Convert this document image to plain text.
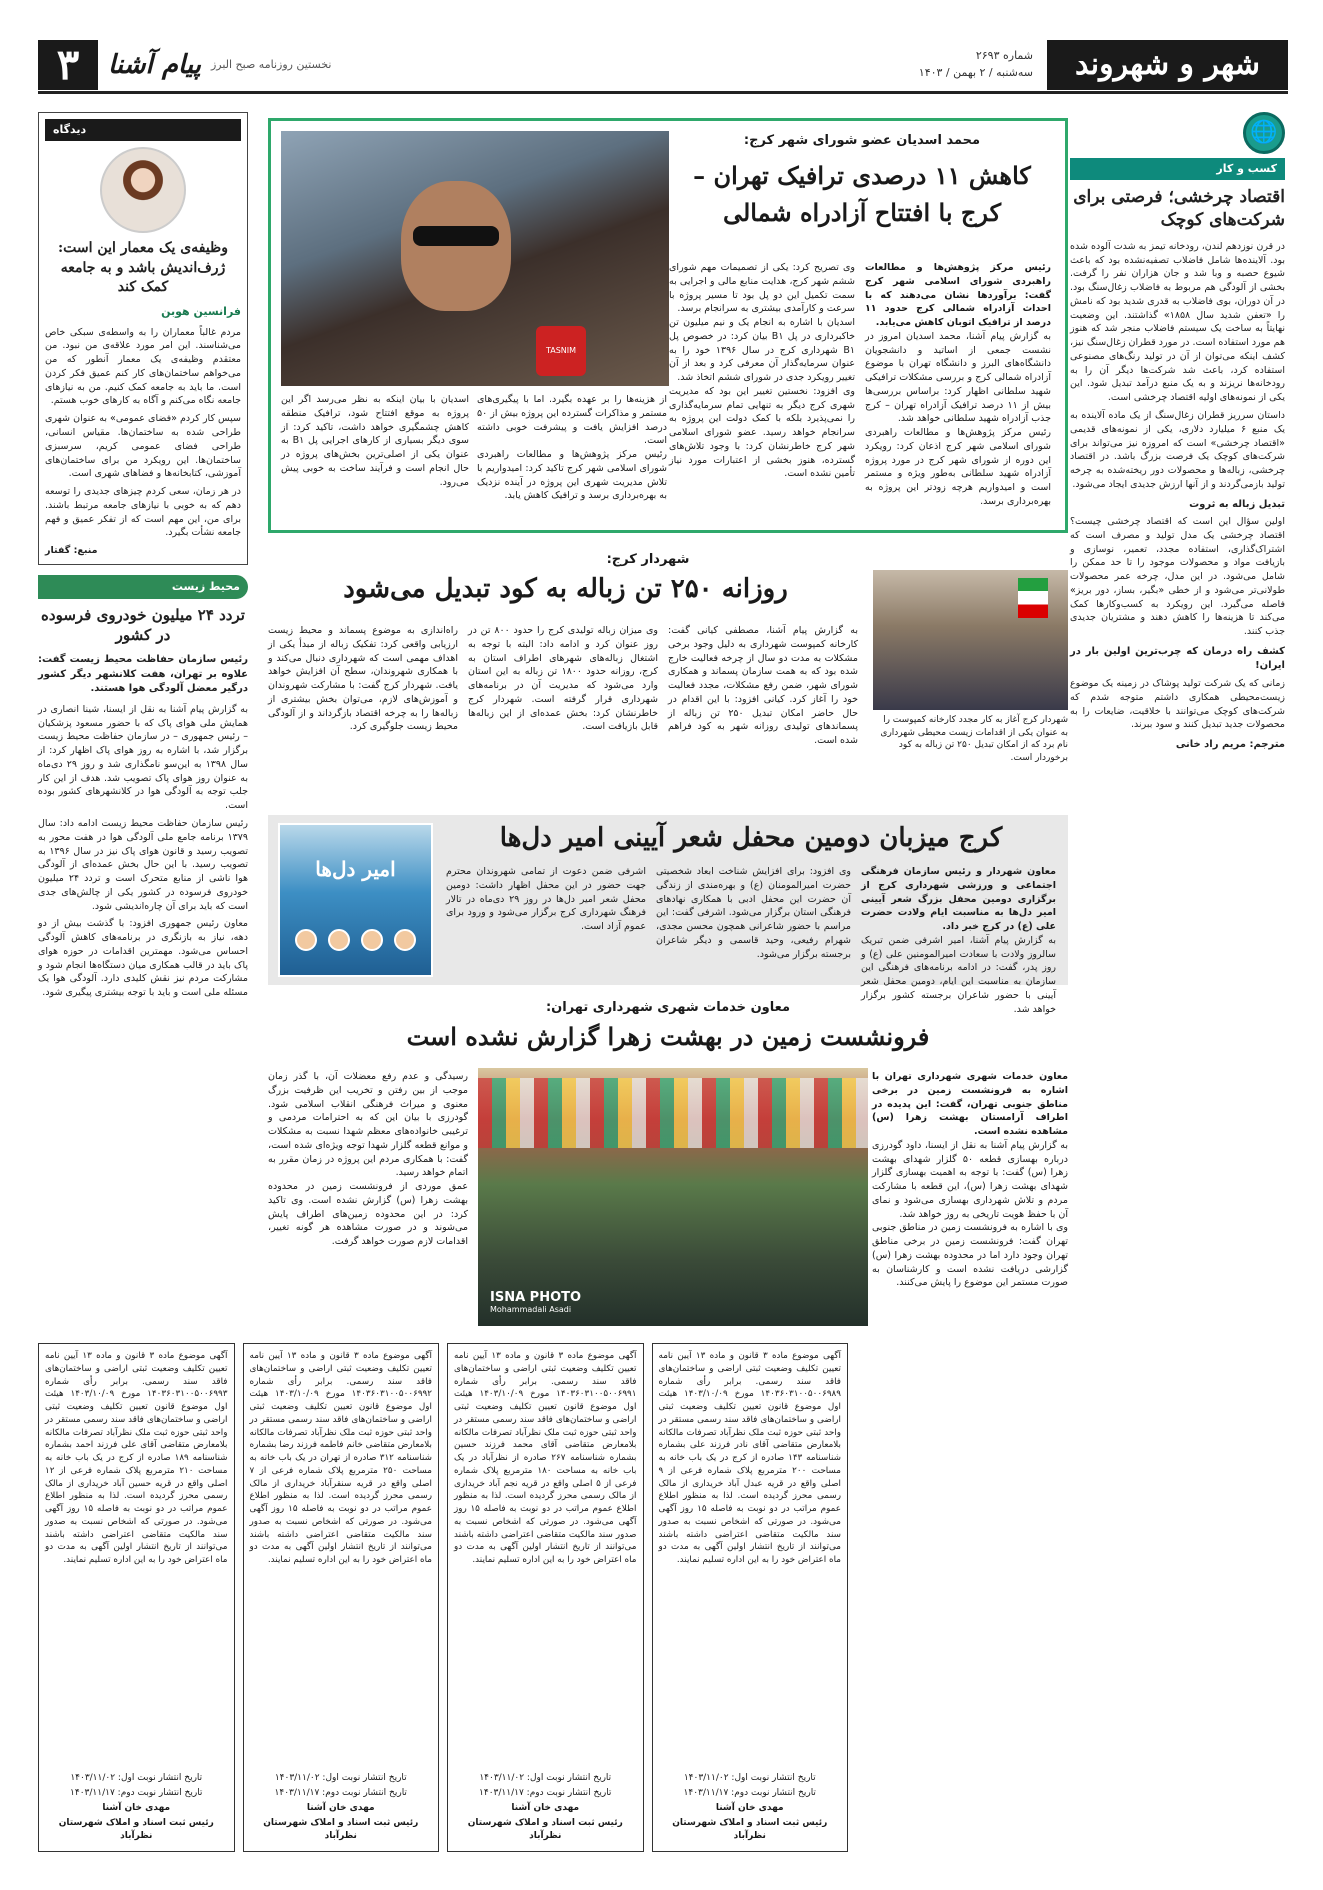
شهر و شهروند
شماره ۲۶۹۳
سه‌شنبه / ۲ بهمن / ۱۴۰۳
نخستین روزنامه صبح البرز
پیام آشنا
۳
🌐
کسب و کار
اقتصاد چرخشی؛ فرصتی برای شرکت‌های کوچک

در قرن نوزدهم لندن، رودخانه تیمز به شدت آلوده شده بود. آلاینده‌ها شامل فاضلاب تصفیه‌نشده بود که باعث شیوع حصبه و وبا شد و جان هزاران نفر را گرفت. بخشی از آلودگی هم مربوط به فاضلاب زغال‌سنگ بود. در آن دوران، بوی فاضلاب به قدری شدید بود که نامش را «تعفن شدید سال ۱۸۵۸» گذاشتند. این وضعیت نهایتاً به ساخت یک سیستم فاضلاب منجر شد که هنوز هم مورد استفاده است. در مورد قطران زغال‌سنگ نیز، کشف اینکه می‌توان از آن در تولید رنگ‌های مصنوعی استفاده کرد، باعث شد شرکت‌ها دیگر آن را به رودخانه‌ها نریزند و به یک منبع درآمد تبدیل شود. این یکی از نمونه‌های اولیه اقتصاد چرخشی است.

داستان سرریز قطران زغال‌سنگ از یک ماده آلاینده به یک منبع ۶ میلیارد دلاری، یکی از نمونه‌های قدیمی «اقتصاد چرخشی» است که امروزه نیز می‌تواند برای شرکت‌های کوچک یک فرصت بزرگ باشد. در اقتصاد چرخشی، زباله‌ها و محصولات دور ریخته‌شده به چرخه تولید بازمی‌گردند و از آنها ارزش جدیدی ایجاد می‌شود.

تبدیل زباله به ثروت

اولین سؤال این است که اقتصاد چرخشی چیست؟ اقتصاد چرخشی یک مدل تولید و مصرف است که اشتراک‌گذاری، استفاده مجدد، تعمیر، نوسازی و بازیافت مواد و محصولات موجود را تا حد ممکن را شامل می‌شود. در این مدل، چرخه عمر محصولات طولانی‌تر می‌شود و از خطی «بگیر، بساز، دور بریز» فاصله می‌گیرد. این رویکرد به کسب‌وکارها کمک می‌کند تا هزینه‌ها را کاهش دهند و مشتریان جدیدی جذب کنند.

کشف راه درمان که چرب‌ترین اولین بار در ایران!

زمانی که یک شرکت تولید پوشاک در زمینه یک موضوع زیست‌محیطی همکاری داشتم متوجه شدم که شرکت‌های کوچک می‌توانند با خلاقیت، ضایعات را به محصولات جدید تبدیل کنند و سود ببرند.

مترجم: مریم راد خانی
دیدگاه
وظیفه‌ی یک معمار این است: ژرف‌اندیش باشد و به جامعه کمک کند
فرانسین هوبن

مردم غالباً معماران را به واسطه‌ی سبکی خاص می‌شناسند. این امر مورد علاقه‌ی من نبود. من معتقدم وظیفه‌ی یک معمار آنطور که من می‌خواهم ساختمان‌های کار کنم عمیق فکر کردن است. ما باید به جامعه کمک کنیم. من به نیازهای جامعه نگاه می‌کنم و آگاه به کارهای خوب هستم.

سپس کار کردم «فضای عمومی» به عنوان شهری طراحی شده به ساختمان‌ها. مقیاس انسانی، طراحی فضای عمومی کریم، سرسبزی ساختمان‌ها. این رویکرد من برای ساختمان‌های آموزشی، کتابخانه‌ها و فضاهای شهری است.

در هر زمان، سعی کردم چیزهای جدیدی را توسعه دهم که به خوبی با نیازهای جامعه مرتبط باشند. برای من، این مهم است که از تفکر عمیق و فهم جامعه نشأت بگیرد.

منبع: گفتار
محیط زیست
تردد ۲۴ میلیون خودروی فرسوده در کشور
رئیس سازمان حفاظت محیط زیست گفت: علاوه بر تهران، هفت کلانشهر دیگر کشور درگیر معضل آلودگی هوا هستند.

به گزارش پیام آشنا به نقل از ایسنا، شینا انصاری در همایش ملی هوای پاک که با حضور مسعود پزشکیان – رئیس جمهوری – در سازمان حفاظت محیط زیست برگزار شد، با اشاره به روز هوای پاک اظهار کرد: از سال ۱۳۹۸ به این‌سو نامگذاری شد و روز ۲۹ دی‌ماه به عنوان روز هوای پاک تصویب شد. هدف از این کار جلب توجه به آلودگی هوا در کلانشهرهای کشور بوده است.

رئیس سازمان حفاظت محیط زیست ادامه داد: سال ۱۳۷۹ برنامه جامع ملی آلودگی هوا در هفت محور به تصویب رسید و قانون هوای پاک نیز در سال ۱۳۹۶ به تصویب رسید. با این حال بخش عمده‌ای از آلودگی هوا ناشی از منابع متحرک است و تردد ۲۴ میلیون خودروی فرسوده در کشور یکی از چالش‌های جدی است که باید برای آن چاره‌اندیشی شود.

معاون رئیس جمهوری افزود: با گذشت بیش از دو دهه، نیاز به بازنگری در برنامه‌های کاهش آلودگی احساس می‌شود. مهمترین اقدامات در حوزه هوای پاک باید در قالب همکاری میان دستگاه‌ها انجام شود و مشارکت مردم نیز نقش کلیدی دارد. آلودگی هوا یک مسئله ملی است و باید با توجه بیشتری پیگیری شود.

TASNIM
محمد اسدیان عضو شورای شهر کرج:
کاهش ۱۱ درصدی ترافیک تهران – کرج با افتتاح آزادراه شمالی

رئیس مرکز پژوهش‌ها و مطالعات راهبردی شورای اسلامی شهر کرج گفت: برآوردها نشان می‌دهند که با احداث آزادراه شمالی کرج حدود ۱۱ درصد از ترافیک اتوبان کاهش می‌یابد.

به گزارش پیام آشنا، محمد اسدیان امروز در نشست جمعی از اساتید و دانشجویان دانشگاه‌های البرز و دانشگاه تهران با موضوع آزادراه شمالی کرج و بررسی مشکلات ترافیکی شهید سلطانی اظهار کرد: براساس بررسی‌ها بیش از ۱۱ درصد ترافیک آزادراه تهران – کرج جذب آزادراه شهید سلطانی خواهد شد.

رئیس مرکز پژوهش‌ها و مطالعات راهبردی شورای اسلامی شهر کرج اذعان کرد: رویکرد این دوره از شورای شهر کرج در مورد پروژه آزادراه شهید سلطانی به‌طور ویژه و مستمر است و امیدواریم هرچه زودتر این پروژه به بهره‌برداری برسد.

وی تصریح کرد: یکی از تصمیمات مهم شورای ششم شهر کرج، هدایت منابع مالی و اجرایی به سمت تکمیل این دو پل بود تا مسیر پروژه با سرعت و کارآمدی بیشتری به سرانجام برسد.

اسدیان با اشاره به انجام یک و نیم میلیون تن خاکبرداری در پل B۱ بیان کرد: در خصوص پل B۱ شهرداری کرج در سال ۱۳۹۶ خود را به عنوان سرمایه‌گذار آن معرفی کرد و بعد از آن تغییر رویکرد جدی در شورای ششم اتخاذ شد.

وی افزود: نخستین تغییر این بود که مدیریت شهری کرج دیگر به تنهایی تمام سرمایه‌گذاری را نمی‌پذیرد بلکه با کمک دولت این پروژه به سرانجام خواهد رسید. عضو شورای اسلامی شهر کرج خاطرنشان کرد: با وجود تلاش‌های گسترده، هنوز بخشی از اعتبارات مورد نیاز تأمین نشده است.

از هزینه‌ها را بر عهده بگیرد. اما با پیگیری‌های مستمر و مذاکرات گسترده این پروژه بیش از ۵۰ درصد افزایش یافت و پیشرفت خوبی داشته است.

رئیس مرکز پژوهش‌ها و مطالعات راهبردی شورای اسلامی شهر کرج تاکید کرد: امیدواریم با تلاش مدیریت شهری این پروژه در آینده نزدیک به بهره‌برداری برسد و ترافیک کاهش یابد.

اسدیان با بیان اینکه به نظر می‌رسد اگر این پروژه به موقع افتتاح شود، ترافیک منطقه کاهش چشمگیری خواهد داشت، تاکید کرد: از سوی دیگر بسیاری از کارهای اجرایی پل B۱ به عنوان یکی از اصلی‌ترین بخش‌های پروژه در حال انجام است و فرآیند ساخت به خوبی پیش می‌رود.

شهردار کرج آغاز به کار مجدد کارخانه کمپوست را به عنوان یکی از اقدامات زیست محیطی شهرداری نام برد که از امکان تبدیل ۲۵۰ تن زباله به کود برخوردار است.
شهردار کرج:
روزانه ۲۵۰ تن زباله به کود تبدیل می‌شود

به گزارش پیام آشنا، مصطفی کیانی گفت: کارخانه کمپوست شهرداری به دلیل وجود برخی مشکلات به مدت دو سال از چرخه فعالیت خارج شده بود که به همت سازمان پسماند و همکاری شورای شهر، ضمن رفع مشکلات، مجدد فعالیت خود را آغاز کرد. کیانی افزود: با این اقدام در حال حاضر امکان تبدیل ۲۵۰ تن زباله از پسماندهای تولیدی روزانه شهر به کود فراهم شده است.

وی میزان زباله تولیدی کرج را حدود ۸۰۰ تن در روز عنوان کرد و ادامه داد: البته با توجه به اشتغال زباله‌های شهرهای اطراف استان به کرج، روزانه حدود ۱۸۰۰ تن زباله به این استان وارد می‌شود که مدیریت آن در برنامه‌های شهرداری قرار گرفته است. شهردار کرج خاطرنشان کرد: بخش عمده‌ای از این زباله‌ها قابل بازیافت است.

راه‌اندازی به موضوع پسماند و محیط زیست ارزیابی واقعی کرد: تفکیک زباله از مبدأ یکی از اهداف مهمی است که شهرداری دنبال می‌کند و با همکاری شهروندان، سطح آن افزایش خواهد یافت. شهردار کرج گفت: با مشارکت شهروندان و آموزش‌های لازم، می‌توان بخش بیشتری از زباله‌ها را به چرخه اقتصاد بازگرداند و از آلودگی محیط زیست جلوگیری کرد.

امیر دل‌ها
کرج میزبان دومین محفل شعر آیینی امیر دل‌ها

معاون شهردار و رئیس سازمان فرهنگی اجتماعی و ورزشی شهرداری کرج از برگزاری دومین محفل بزرگ شعر آیینی امیر دل‌ها به مناسبت ایام ولادت حضرت علی (ع) در کرج خبر داد.

به گزارش پیام آشنا، امیر اشرفی ضمن تبریک سالروز ولادت با سعادت امیرالمومنین علی (ع) و روز پدر، گفت: در ادامه برنامه‌های فرهنگی این سازمان به مناسبت این ایام، دومین محفل شعر آیینی با حضور شاعران برجسته کشور برگزار خواهد شد.

وی افزود: برای افزایش شناخت ابعاد شخصیتی حضرت امیرالمومنان (ع) و بهره‌مندی از زندگی آن حضرت این محفل ادبی با همکاری نهادهای فرهنگی استان برگزار می‌شود. اشرفی گفت: این مراسم با حضور شاعرانی همچون محسن مجدی، شهرام رفیعی، وحید قاسمی و دیگر شاعران برجسته برگزار می‌شود.

اشرفی ضمن دعوت از تمامی شهروندان محترم جهت حضور در این محفل اظهار داشت: دومین محفل شعر امیر دل‌ها در روز ۲۹ دی‌ماه در تالار فرهنگ شهرداری کرج برگزار می‌شود و ورود برای عموم آزاد است.

معاون خدمات شهری شهرداری تهران:
فرونشست زمین در بهشت زهرا گزارش نشده است
ISNA PHOTO
Mohammadali Asadi

معاون خدمات شهری شهرداری تهران با اشاره به فرونشست زمین در برخی مناطق جنوبی تهران، گفت: این پدیده در اطراف آرامستان بهشت زهرا (س) مشاهده نشده است.

به گزارش پیام آشنا به نقل از ایسنا، داود گودرزی درباره بهسازی قطعه ۵۰ گلزار شهدای بهشت زهرا (س) گفت: با توجه به اهمیت بهسازی گلزار شهدای بهشت زهرا (س)، این قطعه با مشارکت مردم و تلاش شهرداری بهسازی می‌شود و نمای آن با حفظ هویت تاریخی به روز خواهد شد.

وی با اشاره به فرونشست زمین در مناطق جنوبی تهران گفت: فرونشست زمین در برخی مناطق تهران وجود دارد اما در محدوده بهشت زهرا (س) گزارشی دریافت نشده است و کارشناسان به صورت مستمر این موضوع را پایش می‌کنند.

رسیدگی و عدم رفع معضلات آن، با گذر زمان موجب از بین رفتن و تخریب این ظرفیت بزرگ معنوی و میراث فرهنگی انقلاب اسلامی شود. گودرزی با بیان این که به احترامات مردمی و ترغیبی خانواده‌های معظم شهدا نسبت به مشکلات و موانع قطعه گلزار شهدا توجه ویژه‌ای شده است، گفت: با همکاری مردم این پروژه در زمان مقرر به اتمام خواهد رسید.

عمق موردی از فرونشست زمین در محدوده بهشت زهرا (س) گزارش نشده است. وی تاکید کرد: در این محدوده زمین‌های اطراف پایش می‌شوند و در صورت مشاهده هر گونه تغییر، اقدامات لازم صورت خواهد گرفت.

آگهی موضوع ماده ۳ قانون و ماده ۱۳ آیین نامه تعیین تکلیف وضعیت ثبتی اراضی و ساختمان‌های فاقد سند رسمی. برابر رأی شماره ۱۴۰۳۶۰۳۱۰۰۵۰۰۶۹۸۹ مورخ ۱۴۰۳/۱۰/۰۹ هیئت اول موضوع قانون تعیین تکلیف وضعیت ثبتی اراضی و ساختمان‌های فاقد سند رسمی مستقر در واحد ثبتی حوزه ثبت ملک نظرآباد تصرفات مالکانه بلامعارض متقاضی آقای نادر فرزند علی بشماره شناسنامه ۱۴۳ صادره از کرج در یک باب خانه به مساحت ۲۰۰ مترمربع پلاک شماره فرعی از ۹ اصلی واقع در قریه عبدل آباد خریداری از مالک رسمی محرز گردیده است. لذا به منظور اطلاع عموم مراتب در دو نوبت به فاصله ۱۵ روز آگهی می‌شود. در صورتی که اشخاص نسبت به صدور سند مالکیت متقاضی اعتراضی داشته باشند می‌توانند از تاریخ انتشار اولین آگهی به مدت دو ماه اعتراض خود را به این اداره تسلیم نمایند.
تاریخ انتشار نوبت اول: ۱۴۰۳/۱۱/۰۲
تاریخ انتشار نوبت دوم: ۱۴۰۳/۱۱/۱۷
مهدی خان آشنا
رئیس ثبت اسناد و املاک شهرستان نظرآباد
آگهی موضوع ماده ۳ قانون و ماده ۱۳ آیین نامه تعیین تکلیف وضعیت ثبتی اراضی و ساختمان‌های فاقد سند رسمی. برابر رأی شماره ۱۴۰۳۶۰۳۱۰۰۵۰۰۶۹۹۱ مورخ ۱۴۰۳/۱۰/۰۹ هیئت اول موضوع قانون تعیین تکلیف وضعیت ثبتی اراضی و ساختمان‌های فاقد سند رسمی مستقر در واحد ثبتی حوزه ثبت ملک نظرآباد تصرفات مالکانه بلامعارض متقاضی آقای محمد فرزند حسین بشماره شناسنامه ۲۶۷ صادره از نظرآباد در یک باب خانه به مساحت ۱۸۰ مترمربع پلاک شماره فرعی از ۵ اصلی واقع در قریه نجم آباد خریداری از مالک رسمی محرز گردیده است. لذا به منظور اطلاع عموم مراتب در دو نوبت به فاصله ۱۵ روز آگهی می‌شود. در صورتی که اشخاص نسبت به صدور سند مالکیت متقاضی اعتراضی داشته باشند می‌توانند از تاریخ انتشار اولین آگهی به مدت دو ماه اعتراض خود را به این اداره تسلیم نمایند.
تاریخ انتشار نوبت اول: ۱۴۰۳/۱۱/۰۲
تاریخ انتشار نوبت دوم: ۱۴۰۳/۱۱/۱۷
مهدی خان آشنا
رئیس ثبت اسناد و املاک شهرستان نظرآباد
آگهی موضوع ماده ۳ قانون و ماده ۱۳ آیین نامه تعیین تکلیف وضعیت ثبتی اراضی و ساختمان‌های فاقد سند رسمی. برابر رأی شماره ۱۴۰۳۶۰۳۱۰۰۵۰۰۶۹۹۲ مورخ ۱۴۰۳/۱۰/۰۹ هیئت اول موضوع قانون تعیین تکلیف وضعیت ثبتی اراضی و ساختمان‌های فاقد سند رسمی مستقر در واحد ثبتی حوزه ثبت ملک نظرآباد تصرفات مالکانه بلامعارض متقاضی خانم فاطمه فرزند رضا بشماره شناسنامه ۳۱۲ صادره از تهران در یک باب خانه به مساحت ۲۵۰ مترمربع پلاک شماره فرعی از ۷ اصلی واقع در قریه سنقرآباد خریداری از مالک رسمی محرز گردیده است. لذا به منظور اطلاع عموم مراتب در دو نوبت به فاصله ۱۵ روز آگهی می‌شود. در صورتی که اشخاص نسبت به صدور سند مالکیت متقاضی اعتراضی داشته باشند می‌توانند از تاریخ انتشار اولین آگهی به مدت دو ماه اعتراض خود را به این اداره تسلیم نمایند.
تاریخ انتشار نوبت اول: ۱۴۰۳/۱۱/۰۲
تاریخ انتشار نوبت دوم: ۱۴۰۳/۱۱/۱۷
مهدی خان آشنا
رئیس ثبت اسناد و املاک شهرستان نظرآباد
آگهی موضوع ماده ۳ قانون و ماده ۱۳ آیین نامه تعیین تکلیف وضعیت ثبتی اراضی و ساختمان‌های فاقد سند رسمی. برابر رأی شماره ۱۴۰۳۶۰۳۱۰۰۵۰۰۶۹۹۳ مورخ ۱۴۰۳/۱۰/۰۹ هیئت اول موضوع قانون تعیین تکلیف وضعیت ثبتی اراضی و ساختمان‌های فاقد سند رسمی مستقر در واحد ثبتی حوزه ثبت ملک نظرآباد تصرفات مالکانه بلامعارض متقاضی آقای علی فرزند احمد بشماره شناسنامه ۱۸۹ صادره از کرج در یک باب خانه به مساحت ۲۱۰ مترمربع پلاک شماره فرعی از ۱۲ اصلی واقع در قریه حسین آباد خریداری از مالک رسمی محرز گردیده است. لذا به منظور اطلاع عموم مراتب در دو نوبت به فاصله ۱۵ روز آگهی می‌شود. در صورتی که اشخاص نسبت به صدور سند مالکیت متقاضی اعتراضی داشته باشند می‌توانند از تاریخ انتشار اولین آگهی به مدت دو ماه اعتراض خود را به این اداره تسلیم نمایند.
تاریخ انتشار نوبت اول: ۱۴۰۳/۱۱/۰۲
تاریخ انتشار نوبت دوم: ۱۴۰۳/۱۱/۱۷
مهدی خان آشنا
رئیس ثبت اسناد و املاک شهرستان نظرآباد
